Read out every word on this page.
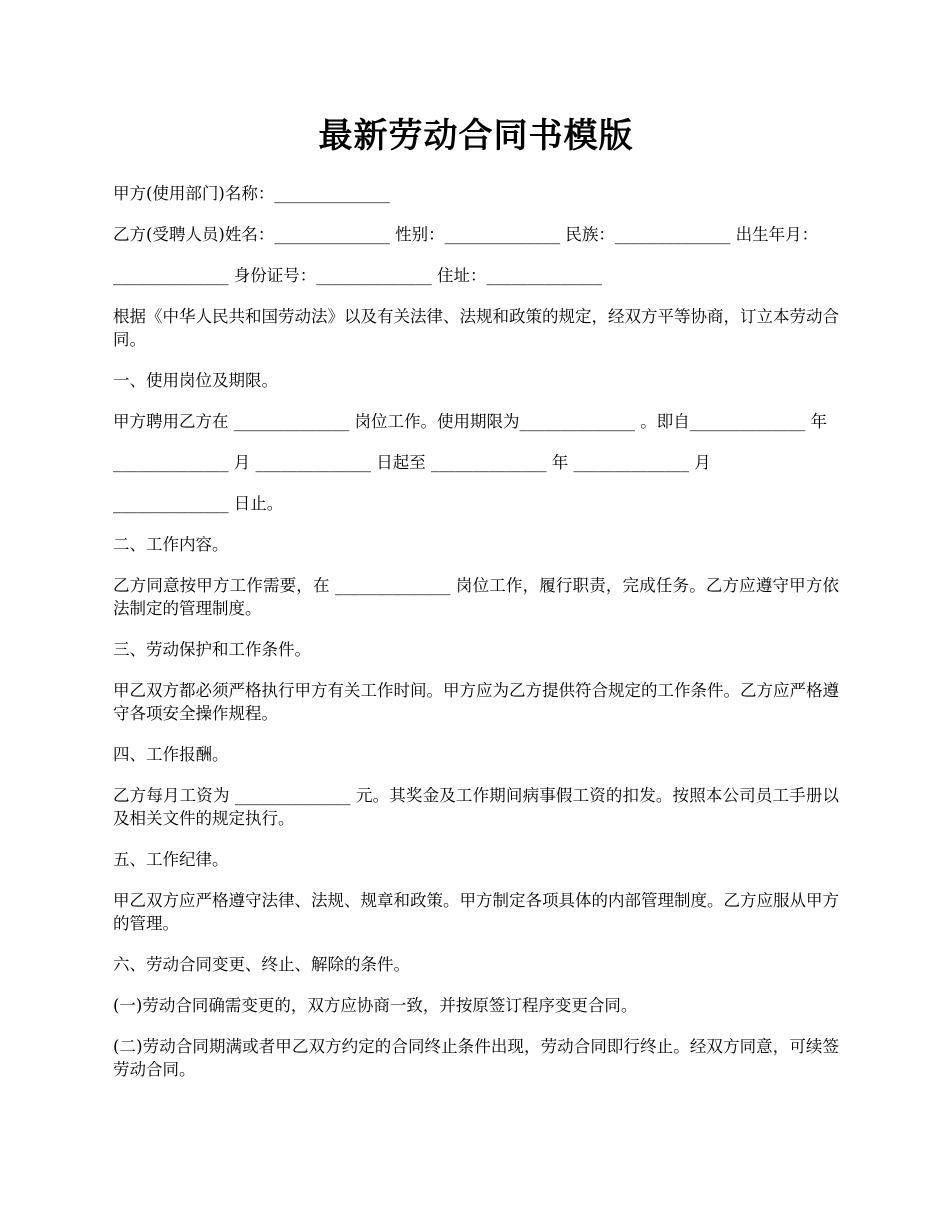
最新劳动合同书模版

甲方(使用部门)名称：______________

乙方(受聘人员)姓名：______________ 性别：______________ 民族：______________ 出生年月：

______________ 身份证号：______________ 住址：______________

根据《中华人民共和国劳动法》以及有关法律、法规和政策的规定，经双方平等协商，订立本劳动合同。

一、使用岗位及期限。

甲方聘用乙方在 ______________ 岗位工作。使用期限为______________ 。即自______________ 年

______________ 月 ______________ 日起至 ______________ 年 ______________ 月

______________ 日止。

二、工作内容。

乙方同意按甲方工作需要，在 ______________ 岗位工作，履行职责，完成任务。乙方应遵守甲方依法制定的管理制度。

三、劳动保护和工作条件。

甲乙双方都必须严格执行甲方有关工作时间。甲方应为乙方提供符合规定的工作条件。乙方应严格遵守各项安全操作规程。

四、工作报酬。

乙方每月工资为 ______________ 元。其奖金及工作期间病事假工资的扣发。按照本公司员工手册以及相关文件的规定执行。

五、工作纪律。

甲乙双方应严格遵守法律、法规、规章和政策。甲方制定各项具体的内部管理制度。乙方应服从甲方的管理。

六、劳动合同变更、终止、解除的条件。

(一)劳动合同确需变更的，双方应协商一致，并按原签订程序变更合同。

(二)劳动合同期满或者甲乙双方约定的合同终止条件出现，劳动合同即行终止。经双方同意，可续签劳动合同。
